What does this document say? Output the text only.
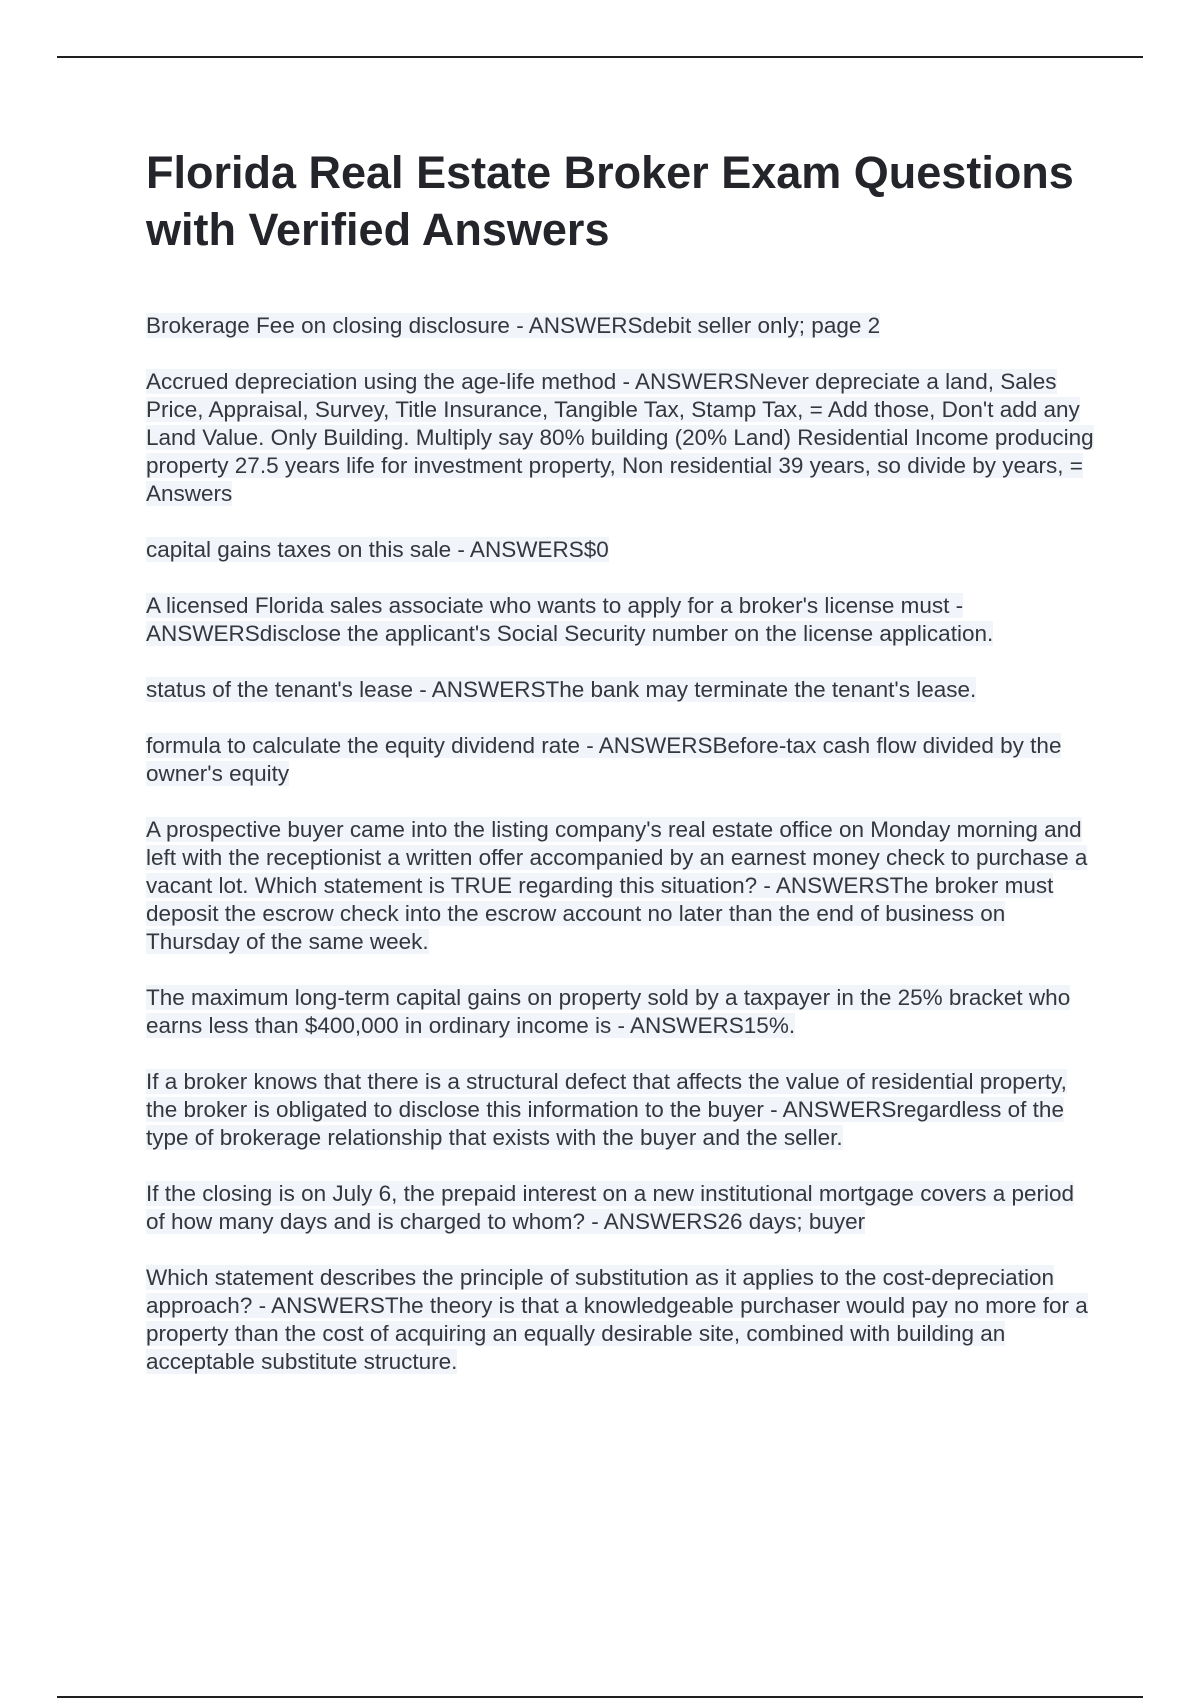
Florida Real Estate Broker Exam Questions with Verified Answers

Brokerage Fee on closing disclosure - ANSWERSdebit seller only; page 2

Accrued depreciation using the age-life method - ANSWERSNever depreciate a land, Sales Price, Appraisal, Survey, Title Insurance, Tangible Tax, Stamp Tax, = Add those, Don't add any Land Value. Only Building. Multiply say 80% building (20% Land) Residential Income producing property 27.5 years life for investment property, Non residential 39 years, so divide by years, = Answers

capital gains taxes on this sale - ANSWERS$0

A licensed Florida sales associate who wants to apply for a broker's license must - ANSWERSdisclose the applicant's Social Security number on the license application.

status of the tenant's lease - ANSWERSThe bank may terminate the tenant's lease.

formula to calculate the equity dividend rate - ANSWERSBefore-tax cash flow divided by the owner's equity

A prospective buyer came into the listing company's real estate office on Monday morning and left with the receptionist a written offer accompanied by an earnest money check to purchase a vacant lot. Which statement is TRUE regarding this situation? - ANSWERSThe broker must deposit the escrow check into the escrow account no later than the end of business on Thursday of the same week.

The maximum long-term capital gains on property sold by a taxpayer in the 25% bracket who earns less than $400,000 in ordinary income is - ANSWERS15%.

If a broker knows that there is a structural defect that affects the value of residential property, the broker is obligated to disclose this information to the buyer - ANSWERSregardless of the type of brokerage relationship that exists with the buyer and the seller.

If the closing is on July 6, the prepaid interest on a new institutional mortgage covers a period of how many days and is charged to whom? - ANSWERS26 days; buyer

Which statement describes the principle of substitution as it applies to the cost-depreciation approach? - ANSWERSThe theory is that a knowledgeable purchaser would pay no more for a property than the cost of acquiring an equally desirable site, combined with building an acceptable substitute structure.
